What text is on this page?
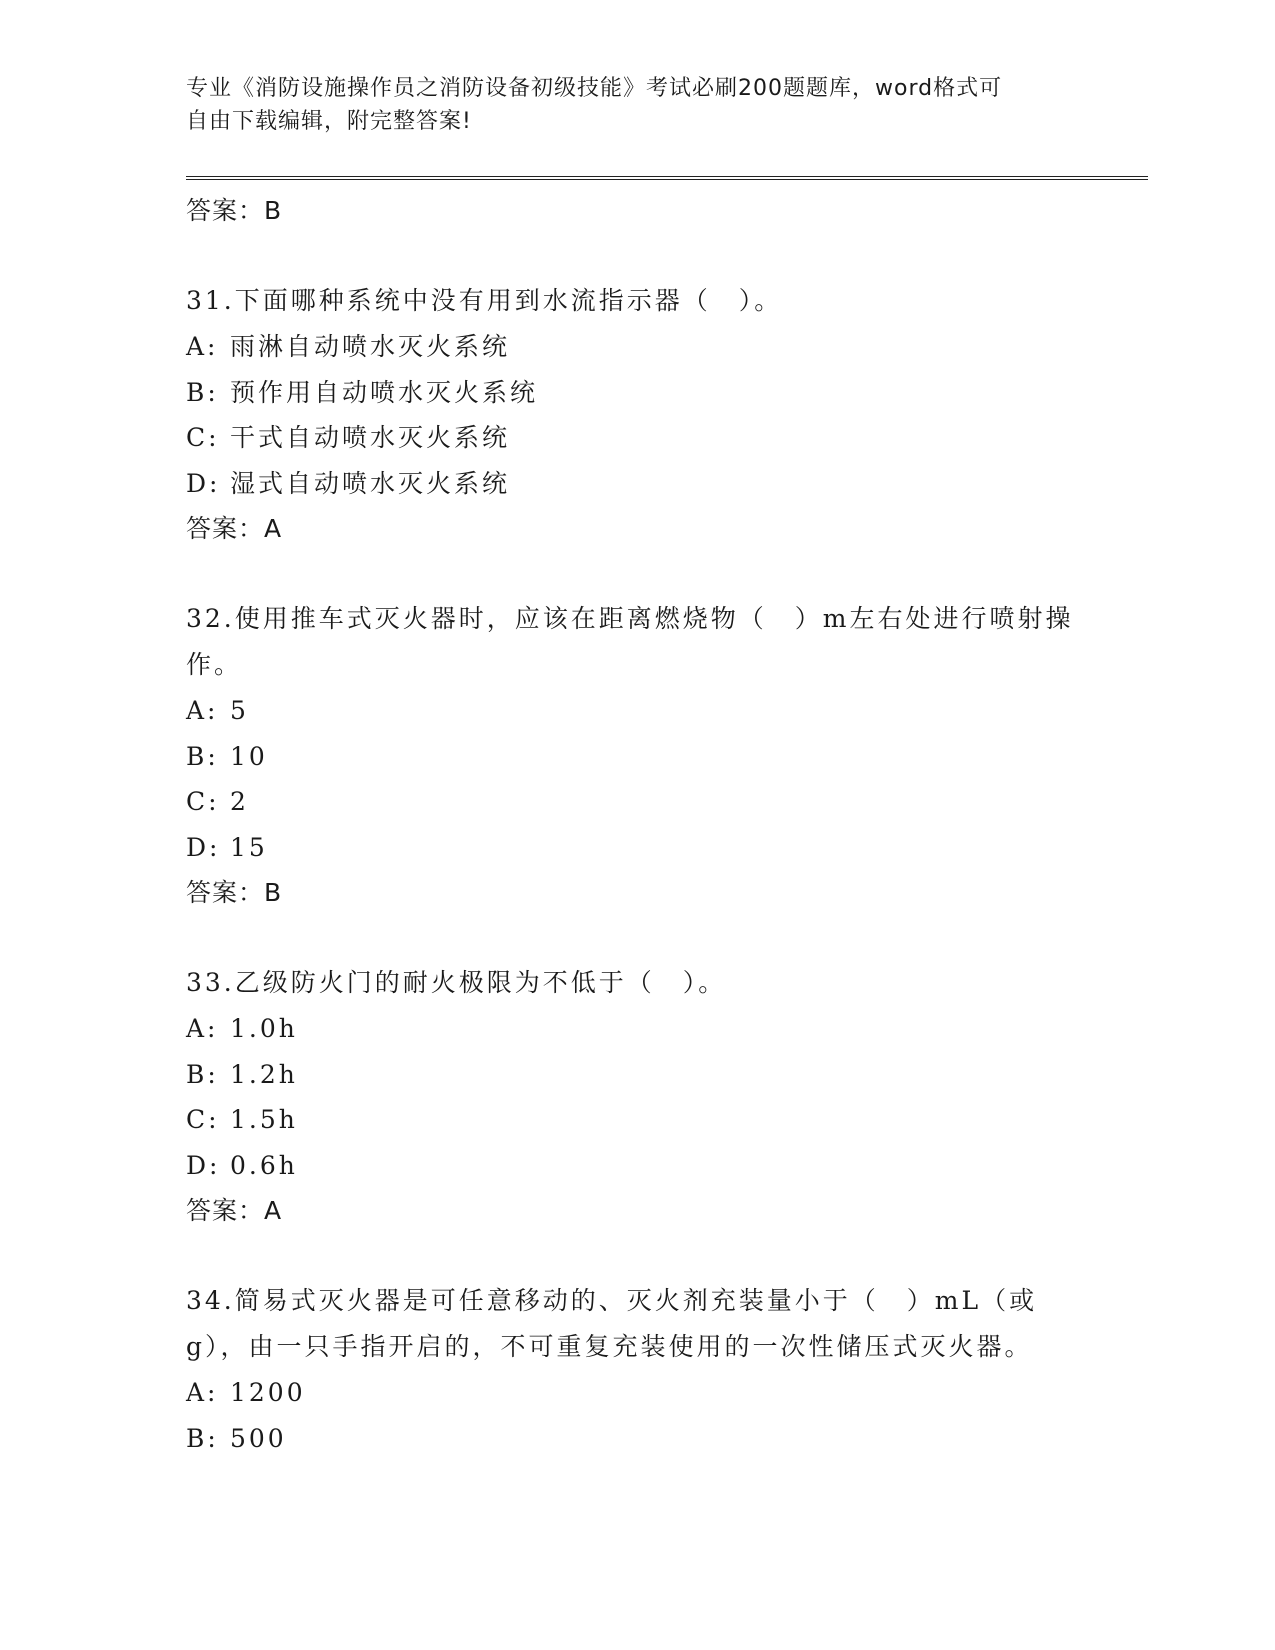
专业《消防设施操作员之消防设备初级技能》考试必刷200题题库，word格式可
自由下载编辑，附完整答案!
答案：B
31.下面哪种系统中没有用到水流指示器（　）。
A: 雨淋自动喷水灭火系统
B: 预作用自动喷水灭火系统
C: 干式自动喷水灭火系统
D: 湿式自动喷水灭火系统
答案：A
32.使用推车式灭火器时，应该在距离燃烧物（　）m左右处进行喷射操作。
A: 5
B: 10
C: 2
D: 15
答案：B
33.乙级防火门的耐火极限为不低于（　）。
A: 1.0h
B: 1.2h
C: 1.5h
D: 0.6h
答案：A
34.简易式灭火器是可任意移动的、灭火剂充装量小于（　）mL（或g），由一只手指开启的，不可重复充装使用的一次性储压式灭火器。
A: 1200
B: 500
